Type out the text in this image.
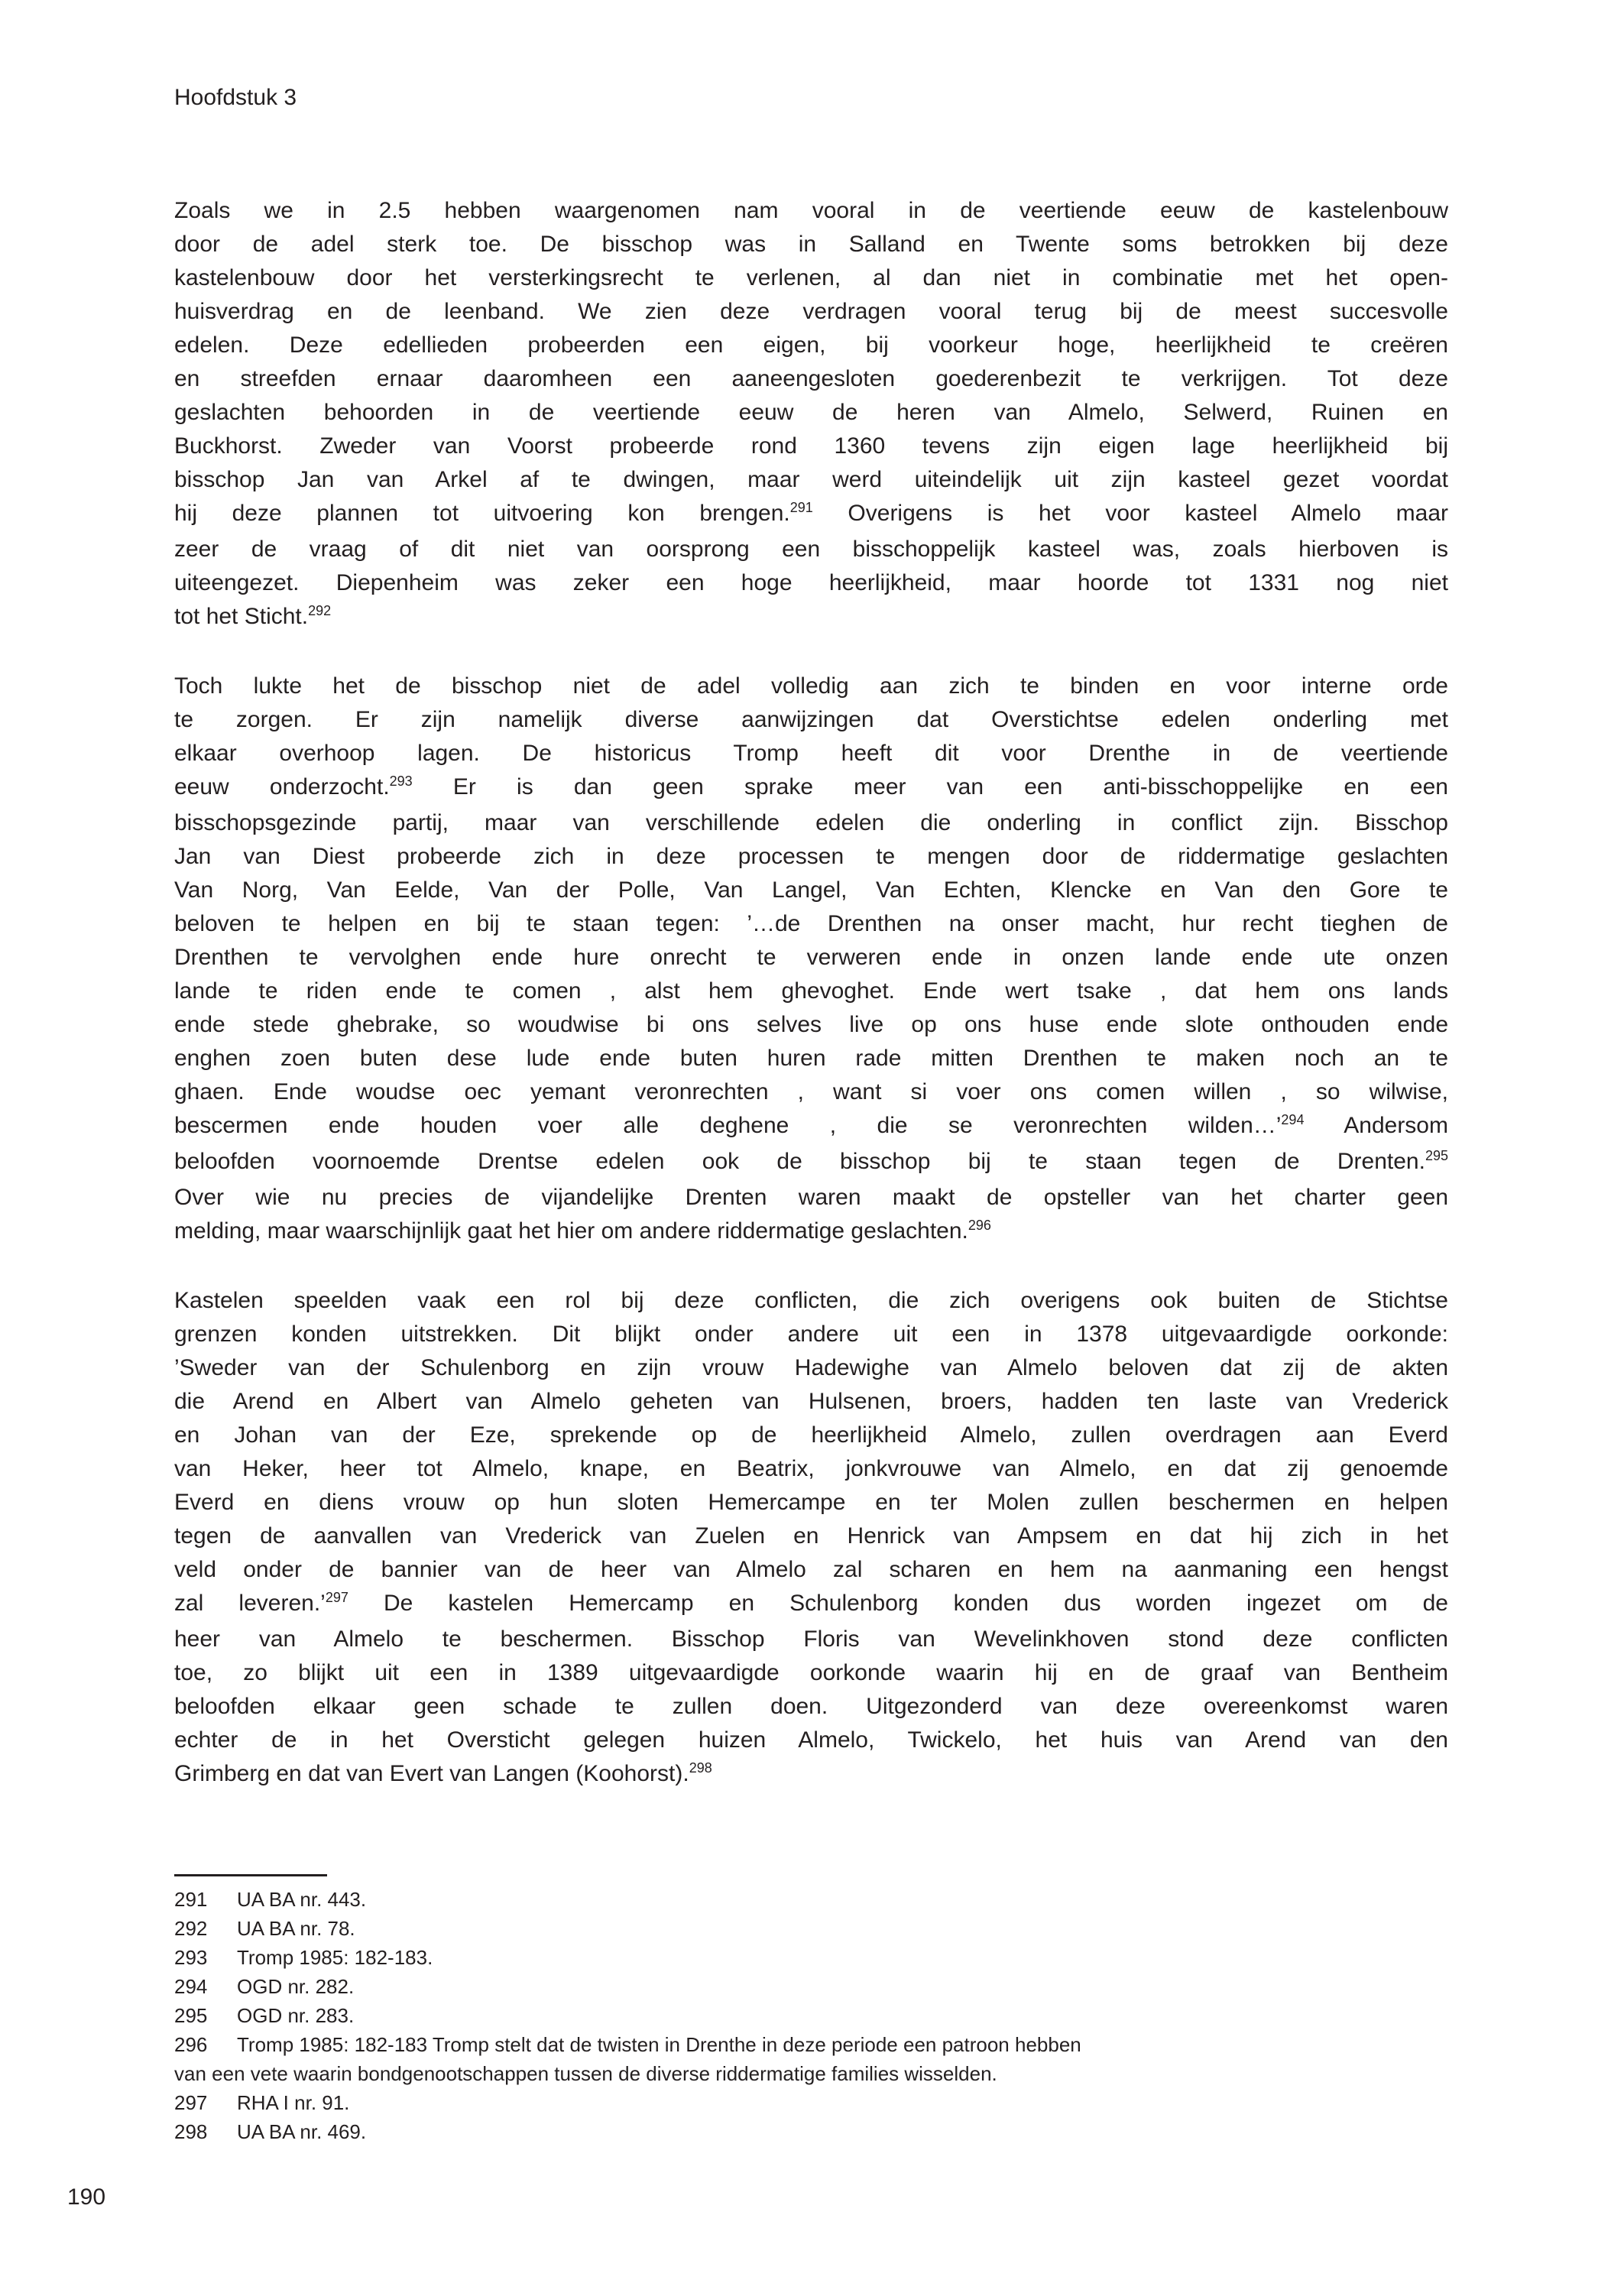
Hoofdstuk 3
Zoals we in 2.5 hebben waargenomen nam vooral in de veertiende eeuw de kastelenbouw
door de adel sterk toe. De bisschop was in Salland en Twente soms betrokken bij deze
kastelenbouw door het versterkingsrecht te verlenen, al dan niet in combinatie met het open-
huisverdrag en de leenband. We zien deze verdragen vooral terug bij de meest succesvolle
edelen. Deze edellieden probeerden een eigen, bij voorkeur hoge, heerlijkheid te creëren
en streefden ernaar daaromheen een aaneengesloten goederenbezit te verkrijgen. Tot deze
geslachten behoorden in de veertiende eeuw de heren van Almelo, Selwerd, Ruinen en
Buckhorst. Zweder van Voorst probeerde rond 1360 tevens zijn eigen lage heerlijkheid bij
bisschop Jan van Arkel af te dwingen, maar werd uiteindelijk uit zijn kasteel gezet voordat
hij deze plannen tot uitvoering kon brengen.$^{291}$ Overigens is het voor kasteel Almelo maar
zeer de vraag of dit niet van oorsprong een bisschoppelijk kasteel was, zoals hierboven is
uiteengezet. Diepenheim was zeker een hoge heerlijkheid, maar hoorde tot 1331 nog niet
tot het Sticht.$^{292}$
Toch lukte het de bisschop niet de adel volledig aan zich te binden en voor interne orde
te zorgen. Er zijn namelijk diverse aanwijzingen dat Overstichtse edelen onderling met
elkaar overhoop lagen. De historicus Tromp heeft dit voor Drenthe in de veertiende
eeuw onderzocht.$^{293}$ Er is dan geen sprake meer van een anti-bisschoppelijke en een
bisschopsgezinde partij, maar van verschillende edelen die onderling in conflict zijn. Bisschop
Jan van Diest probeerde zich in deze processen te mengen door de riddermatige geslachten
Van Norg, Van Eelde, Van der Polle, Van Langel, Van Echten, Klencke en Van den Gore te
beloven te helpen en bij te staan tegen: ’…de Drenthen na onser macht, hur recht tieghen de
Drenthen te vervolghen ende hure onrecht te verweren ende in onzen lande ende ute onzen
lande te riden ende te comen , alst hem ghevoghet. Ende wert tsake , dat hem ons lands
ende stede ghebrake, so woudwise bi ons selves live op ons huse ende slote onthouden ende
enghen zoen buten dese lude ende buten huren rade mitten Drenthen te maken noch an te
ghaen. Ende woudse oec yemant veronrechten , want si voer ons comen willen , so wilwise,
bescermen ende houden voer alle deghene , die se veronrechten wilden…’$^{294}$ Andersom
beloofden voornoemde Drentse edelen ook de bisschop bij te staan tegen de Drenten.$^{295}$
Over wie nu precies de vijandelijke Drenten waren maakt de opsteller van het charter geen
melding, maar waarschijnlijk gaat het hier om andere riddermatige geslachten.$^{296}$
Kastelen speelden vaak een rol bij deze conflicten, die zich overigens ook buiten de Stichtse
grenzen konden uitstrekken. Dit blijkt onder andere uit een in 1378 uitgevaardigde oorkonde:
’Sweder van der Schulenborg en zijn vrouw Hadewighe van Almelo beloven dat zij de akten
die Arend en Albert van Almelo geheten van Hulsenen, broers, hadden ten laste van Vrederick
en Johan van der Eze, sprekende op de heerlijkheid Almelo, zullen overdragen aan Everd
van Heker, heer tot Almelo, knape, en Beatrix, jonkvrouwe van Almelo, en dat zij genoemde
Everd en diens vrouw op hun sloten Hemercampe en ter Molen zullen beschermen en helpen
tegen de aanvallen van Vrederick van Zuelen en Henrick van Ampsem en dat hij zich in het
veld onder de bannier van de heer van Almelo zal scharen en hem na aanmaning een hengst
zal leveren.’$^{297}$ De kastelen Hemercamp en Schulenborg konden dus worden ingezet om de
heer van Almelo te beschermen. Bisschop Floris van Wevelinkhoven stond deze conflicten
toe, zo blijkt uit een in 1389 uitgevaardigde oorkonde waarin hij en de graaf van Bentheim
beloofden elkaar geen schade te zullen doen. Uitgezonderd van deze overeenkomst waren
echter de in het Oversticht gelegen huizen Almelo, Twickelo, het huis van Arend van den
Grimberg en dat van Evert van Langen (Koohorst).$^{298}$
291 UA BA nr. 443.
292 UA BA nr. 78.
293 Tromp 1985: 182-183.
294 OGD nr. 282.
295 OGD nr. 283.
296 Tromp 1985: 182-183 Tromp stelt dat de twisten in Drenthe in deze periode een patroon hebben
van een vete waarin bondgenootschappen tussen de diverse riddermatige families wisselden.
297 RHA I nr. 91.
298 UA BA nr. 469.
190
